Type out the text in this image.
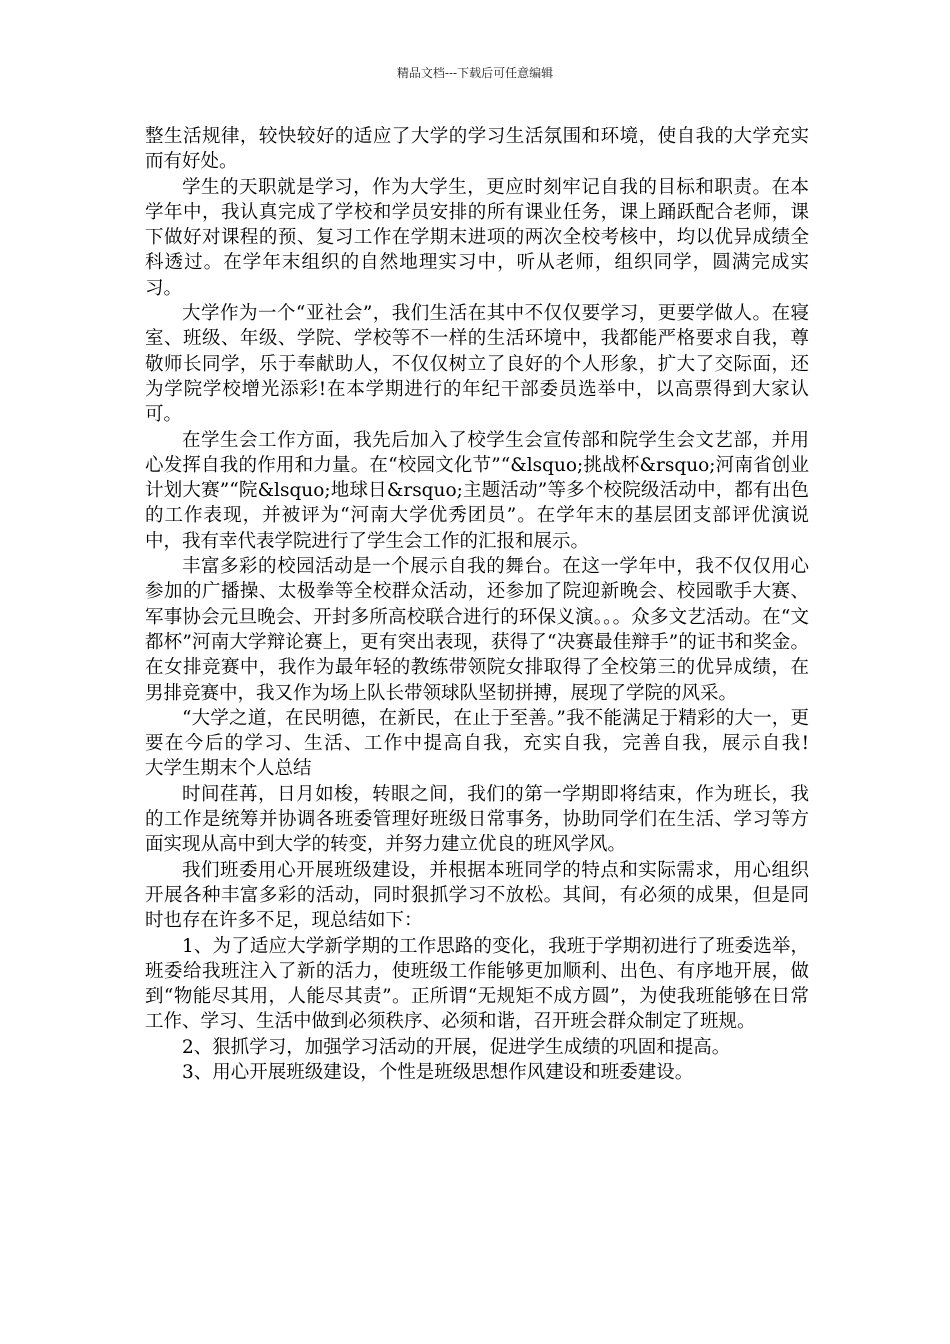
精品文档---下载后可任意编辑

整生活规律，较快较好的适应了大学的学习生活氛围和环境，使自我的大学充实而有好处。

学生的天职就是学习，作为大学生，更应时刻牢记自我的目标和职责。在本学年中，我认真完成了学校和学员安排的所有课业任务，课上踊跃配合老师，课下做好对课程的预、复习工作在学期末进项的两次全校考核中，均以优异成绩全科透过。在学年末组织的自然地理实习中，听从老师，组织同学，圆满完成实习。

大学作为一个“亚社会”，我们生活在其中不仅仅要学习，更要学做人。在寝室、班级、年级、学院、学校等不一样的生活环境中，我都能严格要求自我，尊敬师长同学，乐于奉献助人，不仅仅树立了良好的个人形象，扩大了交际面，还为学院学校增光添彩!在本学期进行的年纪干部委员选举中，以高票得到大家认可。

在学生会工作方面，我先后加入了校学生会宣传部和院学生会文艺部，并用心发挥自我的作用和力量。在“校园文化节”“&lsquo;挑战杯&rsquo;河南省创业计划大赛”“院&lsquo;地球日&rsquo;主题活动”等多个校院级活动中，都有出色的工作表现，并被评为“河南大学优秀团员”。在学年末的基层团支部评优演说中，我有幸代表学院进行了学生会工作的汇报和展示。

丰富多彩的校园活动是一个展示自我的舞台。在这一学年中，我不仅仅用心参加的广播操、太极拳等全校群众活动，还参加了院迎新晚会、校园歌手大赛、军事协会元旦晚会、开封多所高校联合进行的环保义演。。。众多文艺活动。在“文都杯”河南大学辩论赛上，更有突出表现，获得了“决赛最佳辩手”的证书和奖金。在女排竞赛中，我作为最年轻的教练带领院女排取得了全校第三的优异成绩，在男排竞赛中，我又作为场上队长带领球队坚韧拼搏，展现了学院的风采。

“大学之道，在民明德，在新民，在止于至善。”我不能满足于精彩的大一，更要在今后的学习、生活、工作中提高自我，充实自我，完善自我，展示自我!　　大学生期末个人总结

时间荏苒，日月如梭，转眼之间，我们的第一学期即将结束，作为班长，我的工作是统筹并协调各班委管理好班级日常事务，协助同学们在生活、学习等方面实现从高中到大学的转变，并努力建立优良的班风学风。

我们班委用心开展班级建设，并根据本班同学的特点和实际需求，用心组织开展各种丰富多彩的活动，同时狠抓学习不放松。其间，有必须的成果，但是同时也存在许多不足，现总结如下：

1、为了适应大学新学期的工作思路的变化，我班于学期初进行了班委选举，班委给我班注入了新的活力，使班级工作能够更加顺利、出色、有序地开展，做到“物能尽其用，人能尽其责”。正所谓“无规矩不成方圆”，为使我班能够在日常工作、学习、生活中做到必须秩序、必须和谐，召开班会群众制定了班规。

2、狠抓学习，加强学习活动的开展，促进学生成绩的巩固和提高。

3、用心开展班级建设，个性是班级思想作风建设和班委建设。
